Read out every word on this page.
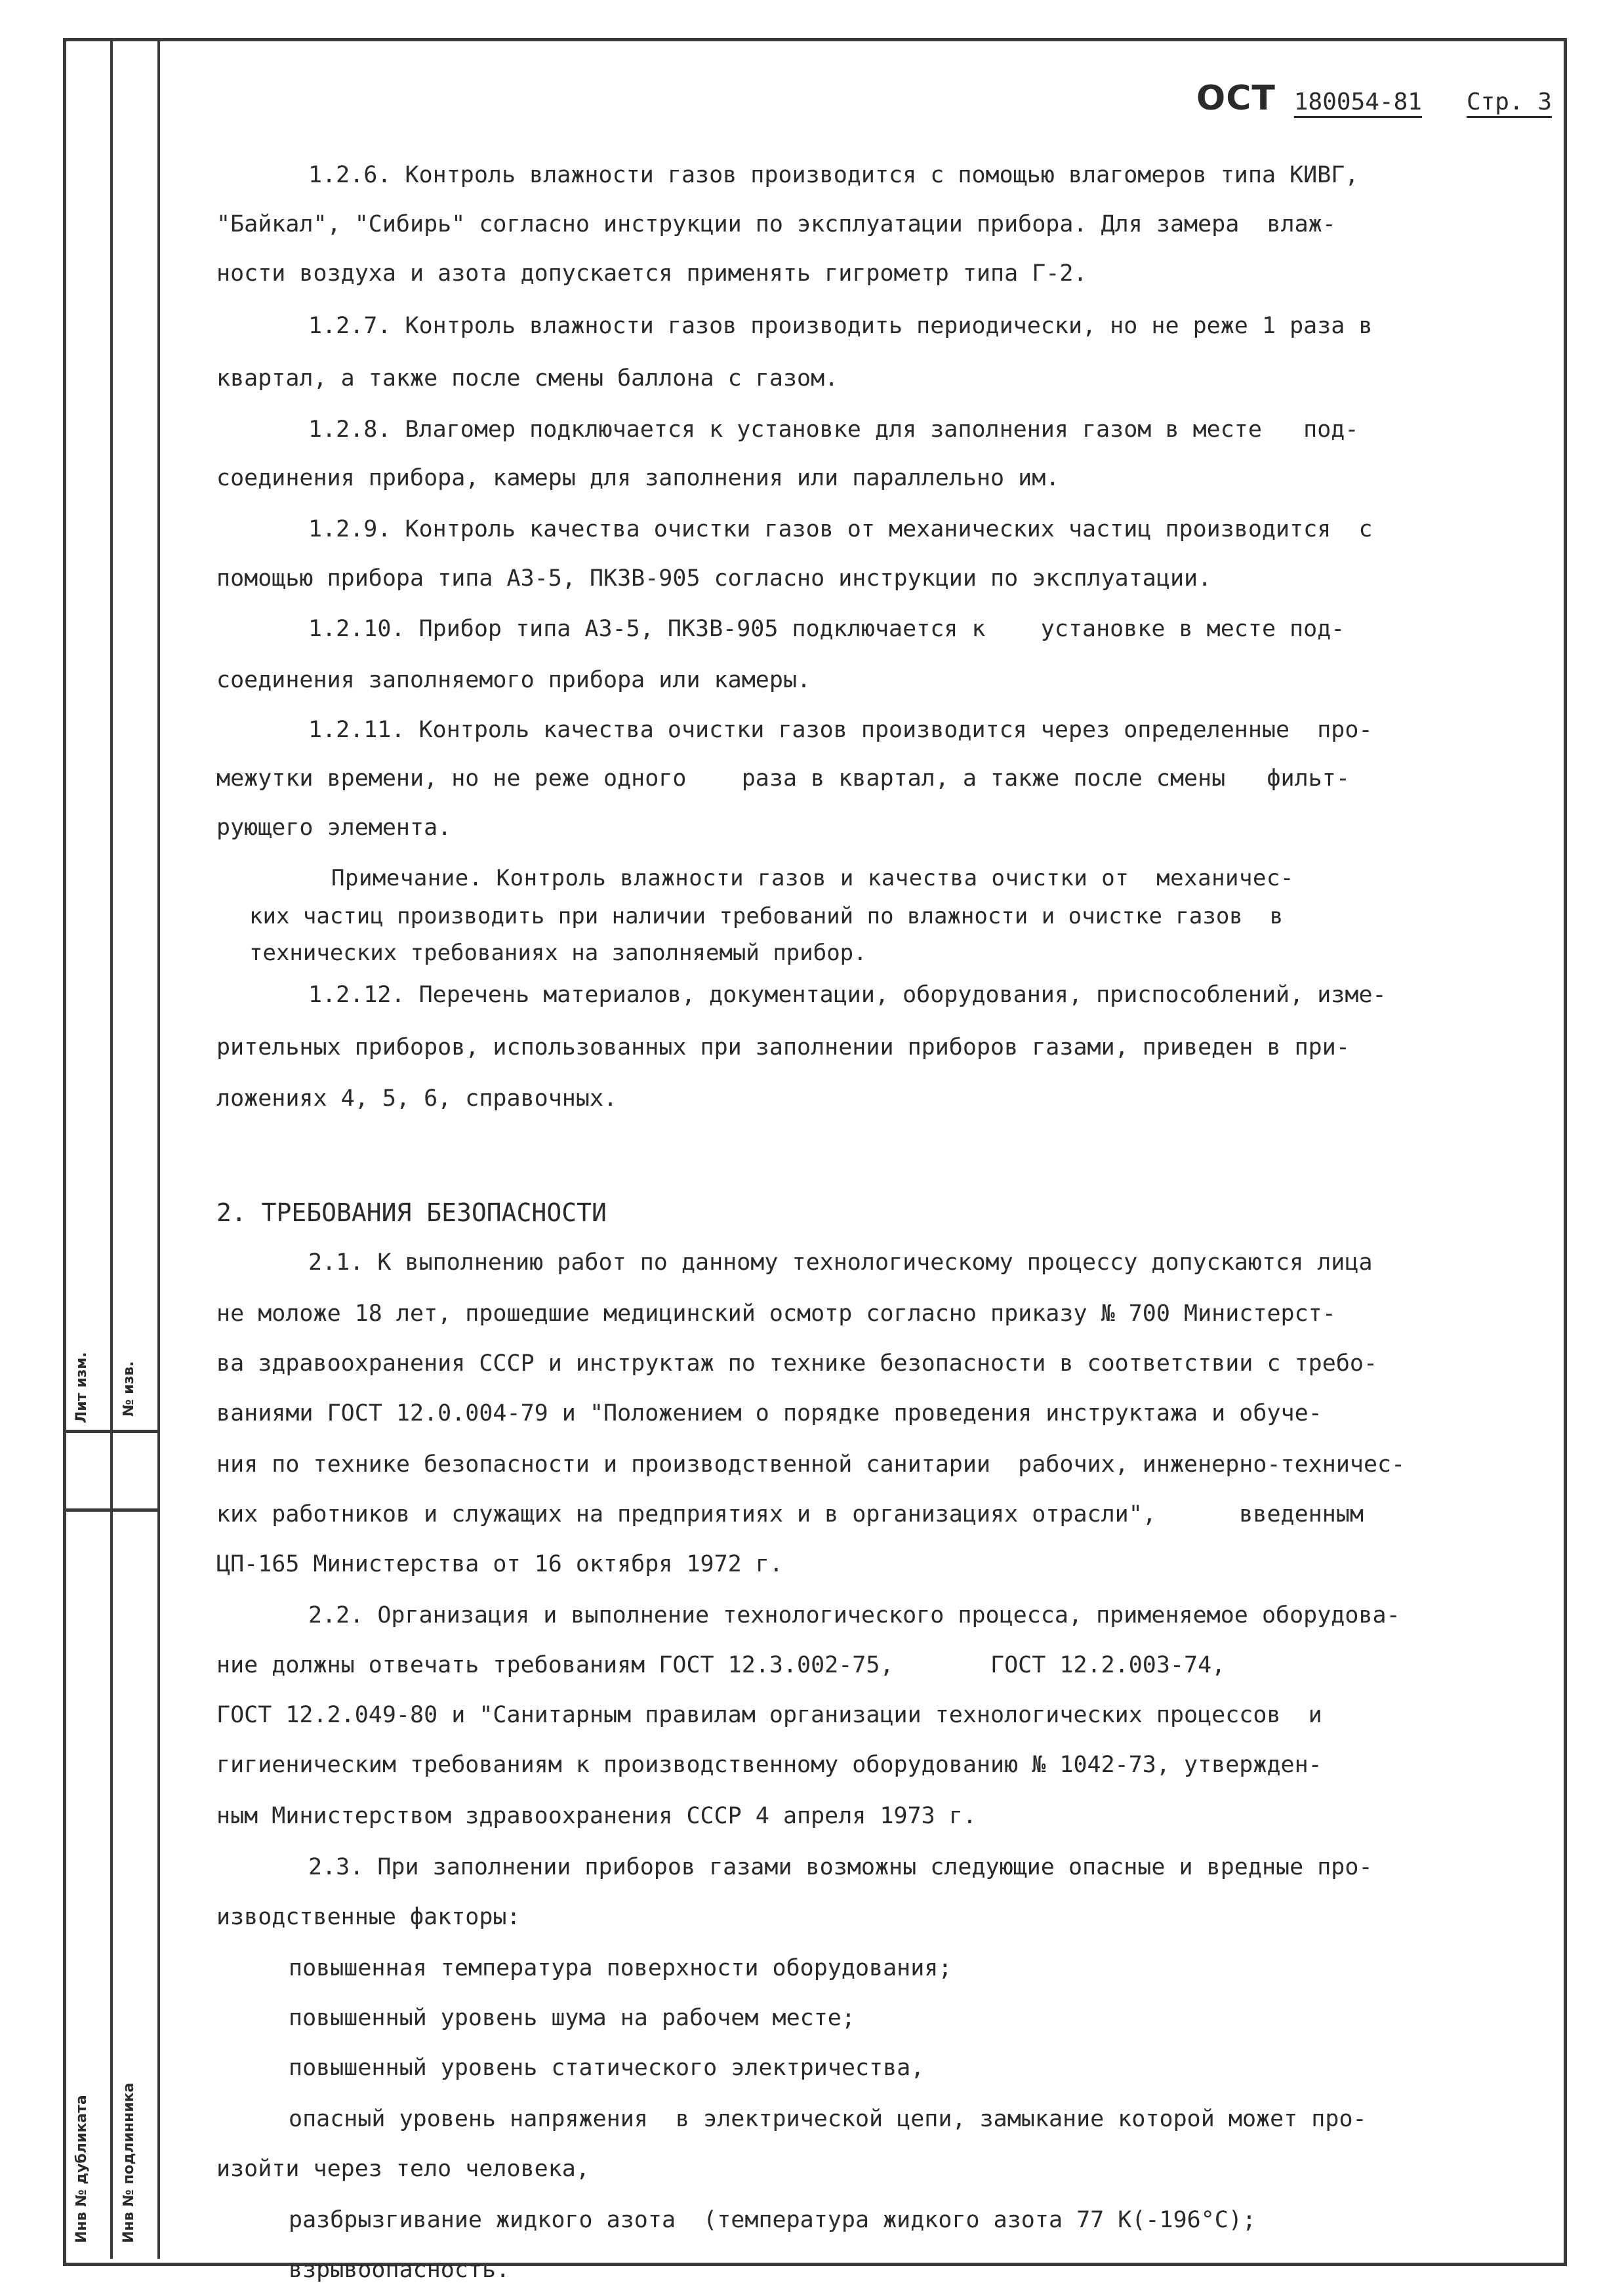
Лит изм. № изв.
Инв № дубликата Инв № подлинника
ОСТ 180054-81 Стр. 3
1.2.6. Контроль влажности газов производится с помощью влагомеров типа КИВГ,
"Байкал", "Сибирь" согласно инструкции по эксплуатации прибора. Для замера  влаж-
ности воздуха и азота допускается применять гигрометр типа Г-2.
1.2.7. Контроль влажности газов производить периодически, но не реже 1 раза в
квартал, а также после смены баллона с газом.
1.2.8. Влагомер подключается к установке для заполнения газом в месте   под-
соединения прибора, камеры для заполнения или параллельно им.
1.2.9. Контроль качества очистки газов от механических частиц производится  с
помощью прибора типа АЗ-5, ПКЗВ-905 согласно инструкции по эксплуатации.
1.2.10. Прибор типа АЗ-5, ПКЗВ-905 подключается к    установке в месте под-
соединения заполняемого прибора или камеры.
1.2.11. Контроль качества очистки газов производится через определенные  про-
межутки времени, но не реже одного    раза в квартал, а также после смены   фильт-
рующего элемента.
Примечание. Контроль влажности газов и качества очистки от  механичес-
ких частиц производить при наличии требований по влажности и очистке газов  в
технических требованиях на заполняемый прибор.
1.2.12. Перечень материалов, документации, оборудования, приспособлений, изме-
рительных приборов, использованных при заполнении приборов газами, приведен в при-
ложениях 4, 5, 6, справочных.
2. ТРЕБОВАНИЯ БЕЗОПАСНОСТИ
2.1. К выполнению работ по данному технологическому процессу допускаются лица
не моложе 18 лет, прошедшие медицинский осмотр согласно приказу № 700 Министерст-
ва здравоохранения СССР и инструктаж по технике безопасности в соответствии с требо-
ваниями ГОСТ 12.0.004-79 и "Положением о порядке проведения инструктажа и обуче-
ния по технике безопасности и производственной санитарии  рабочих, инженерно-техничес-
ких работников и служащих на предприятиях и в организациях отрасли",      введенным
ЦП-165 Министерства от 16 октября 1972 г.
2.2. Организация и выполнение технологического процесса, применяемое оборудова-
ние должны отвечать требованиям ГОСТ 12.3.002-75,       ГОСТ 12.2.003-74,
ГОСТ 12.2.049-80 и "Санитарным правилам организации технологических процессов  и
гигиеническим требованиям к производственному оборудованию № 1042-73, утвержден-
ным Министерством здравоохранения СССР 4 апреля 1973 г.
2.3. При заполнении приборов газами возможны следующие опасные и вредные про-
изводственные факторы:
повышенная температура поверхности оборудования;
повышенный уровень шума на рабочем месте;
повышенный уровень статического электричества,
опасный уровень напряжения  в электрической цепи, замыкание которой может про-
изойти через тело человека,
разбрызгивание жидкого азота  (температура жидкого азота 77 К(-196°С);
взрывоопасность.
